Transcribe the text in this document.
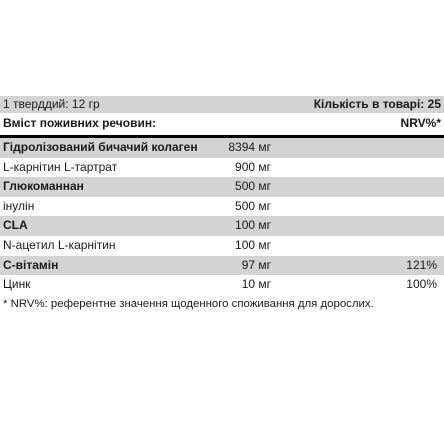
1 тверддий: 12 гр	Кількість в товарі: 25
Вміст поживних речовин:	NRV%*
Гідролізований бичачий колаген	8394 мг
L-карнітин L-тартрат	900 мг
Глюкоманнан	500 мг
інулін	500 мг
CLA	100 мг
N-ацетил L-карнітин	100 мг
C-вітамін	97 мг	121%
Цинк	10 мг	100%
* NRV%: референтне значення щоденного споживання для дорослих.
